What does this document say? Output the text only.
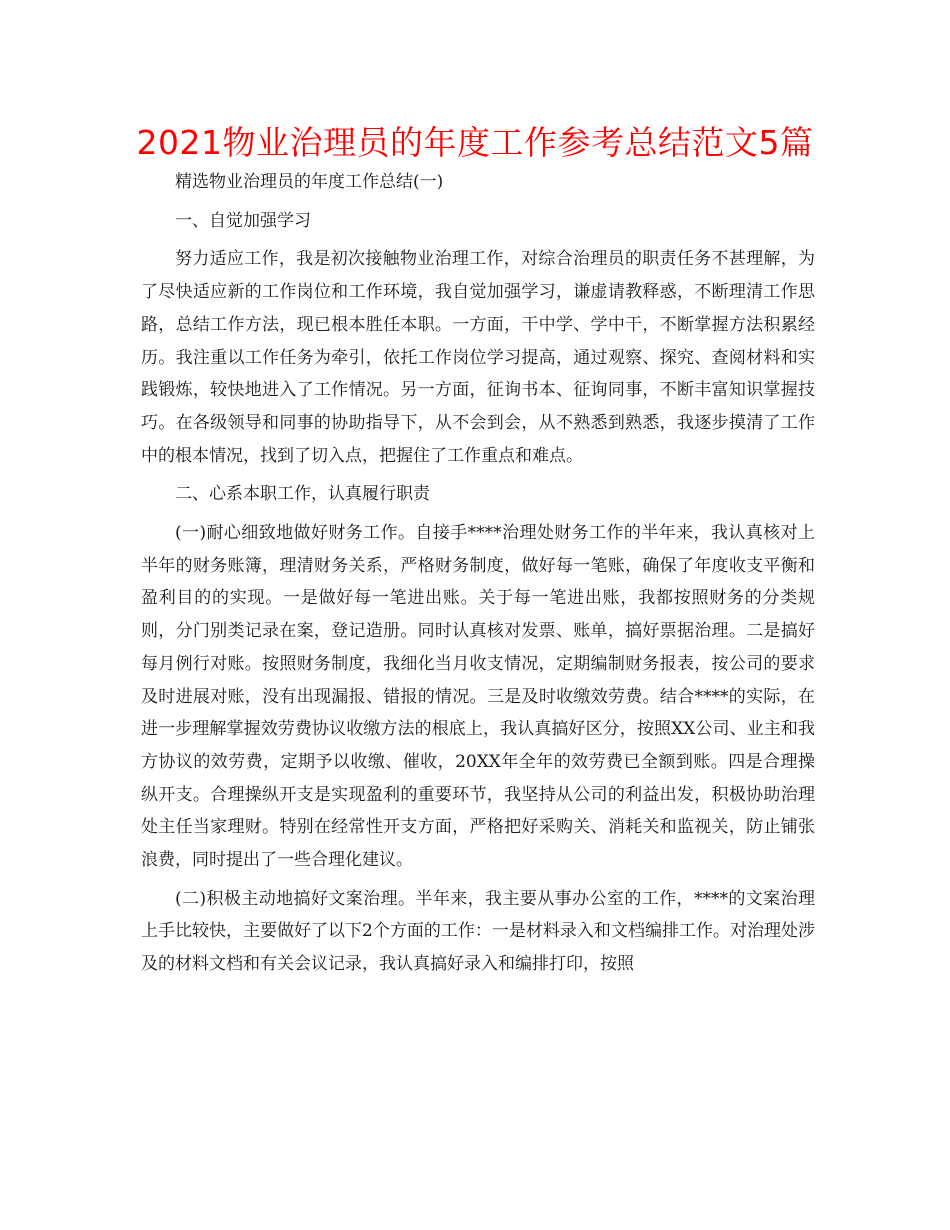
2021物业治理员的年度工作参考总结范文5篇

精选物业治理员的年度工作总结(一)

一、自觉加强学习

努力适应工作，我是初次接触物业治理工作，对综合治理员的职责任务不甚理解，为了尽快适应新的工作岗位和工作环境，我自觉加强学习，谦虚请教释惑，不断理清工作思路，总结工作方法，现已根本胜任本职。一方面，干中学、学中干，不断掌握方法积累经历。我注重以工作任务为牵引，依托工作岗位学习提高，通过观察、探究、查阅材料和实践锻炼，较快地进入了工作情况。另一方面，征询书本、征询同事，不断丰富知识掌握技巧。在各级领导和同事的协助指导下，从不会到会，从不熟悉到熟悉，我逐步摸清了工作中的根本情况，找到了切入点，把握住了工作重点和难点。

二、心系本职工作，认真履行职责

(一)耐心细致地做好财务工作。自接手****治理处财务工作的半年来，我认真核对上半年的财务账簿，理清财务关系，严格财务制度，做好每一笔账，确保了年度收支平衡和盈利目的的实现。一是做好每一笔进出账。关于每一笔进出账，我都按照财务的分类规则，分门别类记录在案，登记造册。同时认真核对发票、账单，搞好票据治理。二是搞好每月例行对账。按照财务制度，我细化当月收支情况，定期编制财务报表，按公司的要求及时进展对账，没有出现漏报、错报的情况。三是及时收缴效劳费。结合****的实际，在进一步理解掌握效劳费协议收缴方法的根底上，我认真搞好区分，按照XX公司、业主和我方协议的效劳费，定期予以收缴、催收，20XX年全年的效劳费已全额到账。四是合理操纵开支。合理操纵开支是实现盈利的重要环节，我坚持从公司的利益出发，积极协助治理处主任当家理财。特别在经常性开支方面，严格把好采购关、消耗关和监视关，防止铺张浪费，同时提出了一些合理化建议。

(二)积极主动地搞好文案治理。半年来，我主要从事办公室的工作，****的文案治理上手比较快，主要做好了以下2个方面的工作：一是材料录入和文档编排工作。对治理处涉及的材料文档和有关会议记录，我认真搞好录入和编排打印，按照
